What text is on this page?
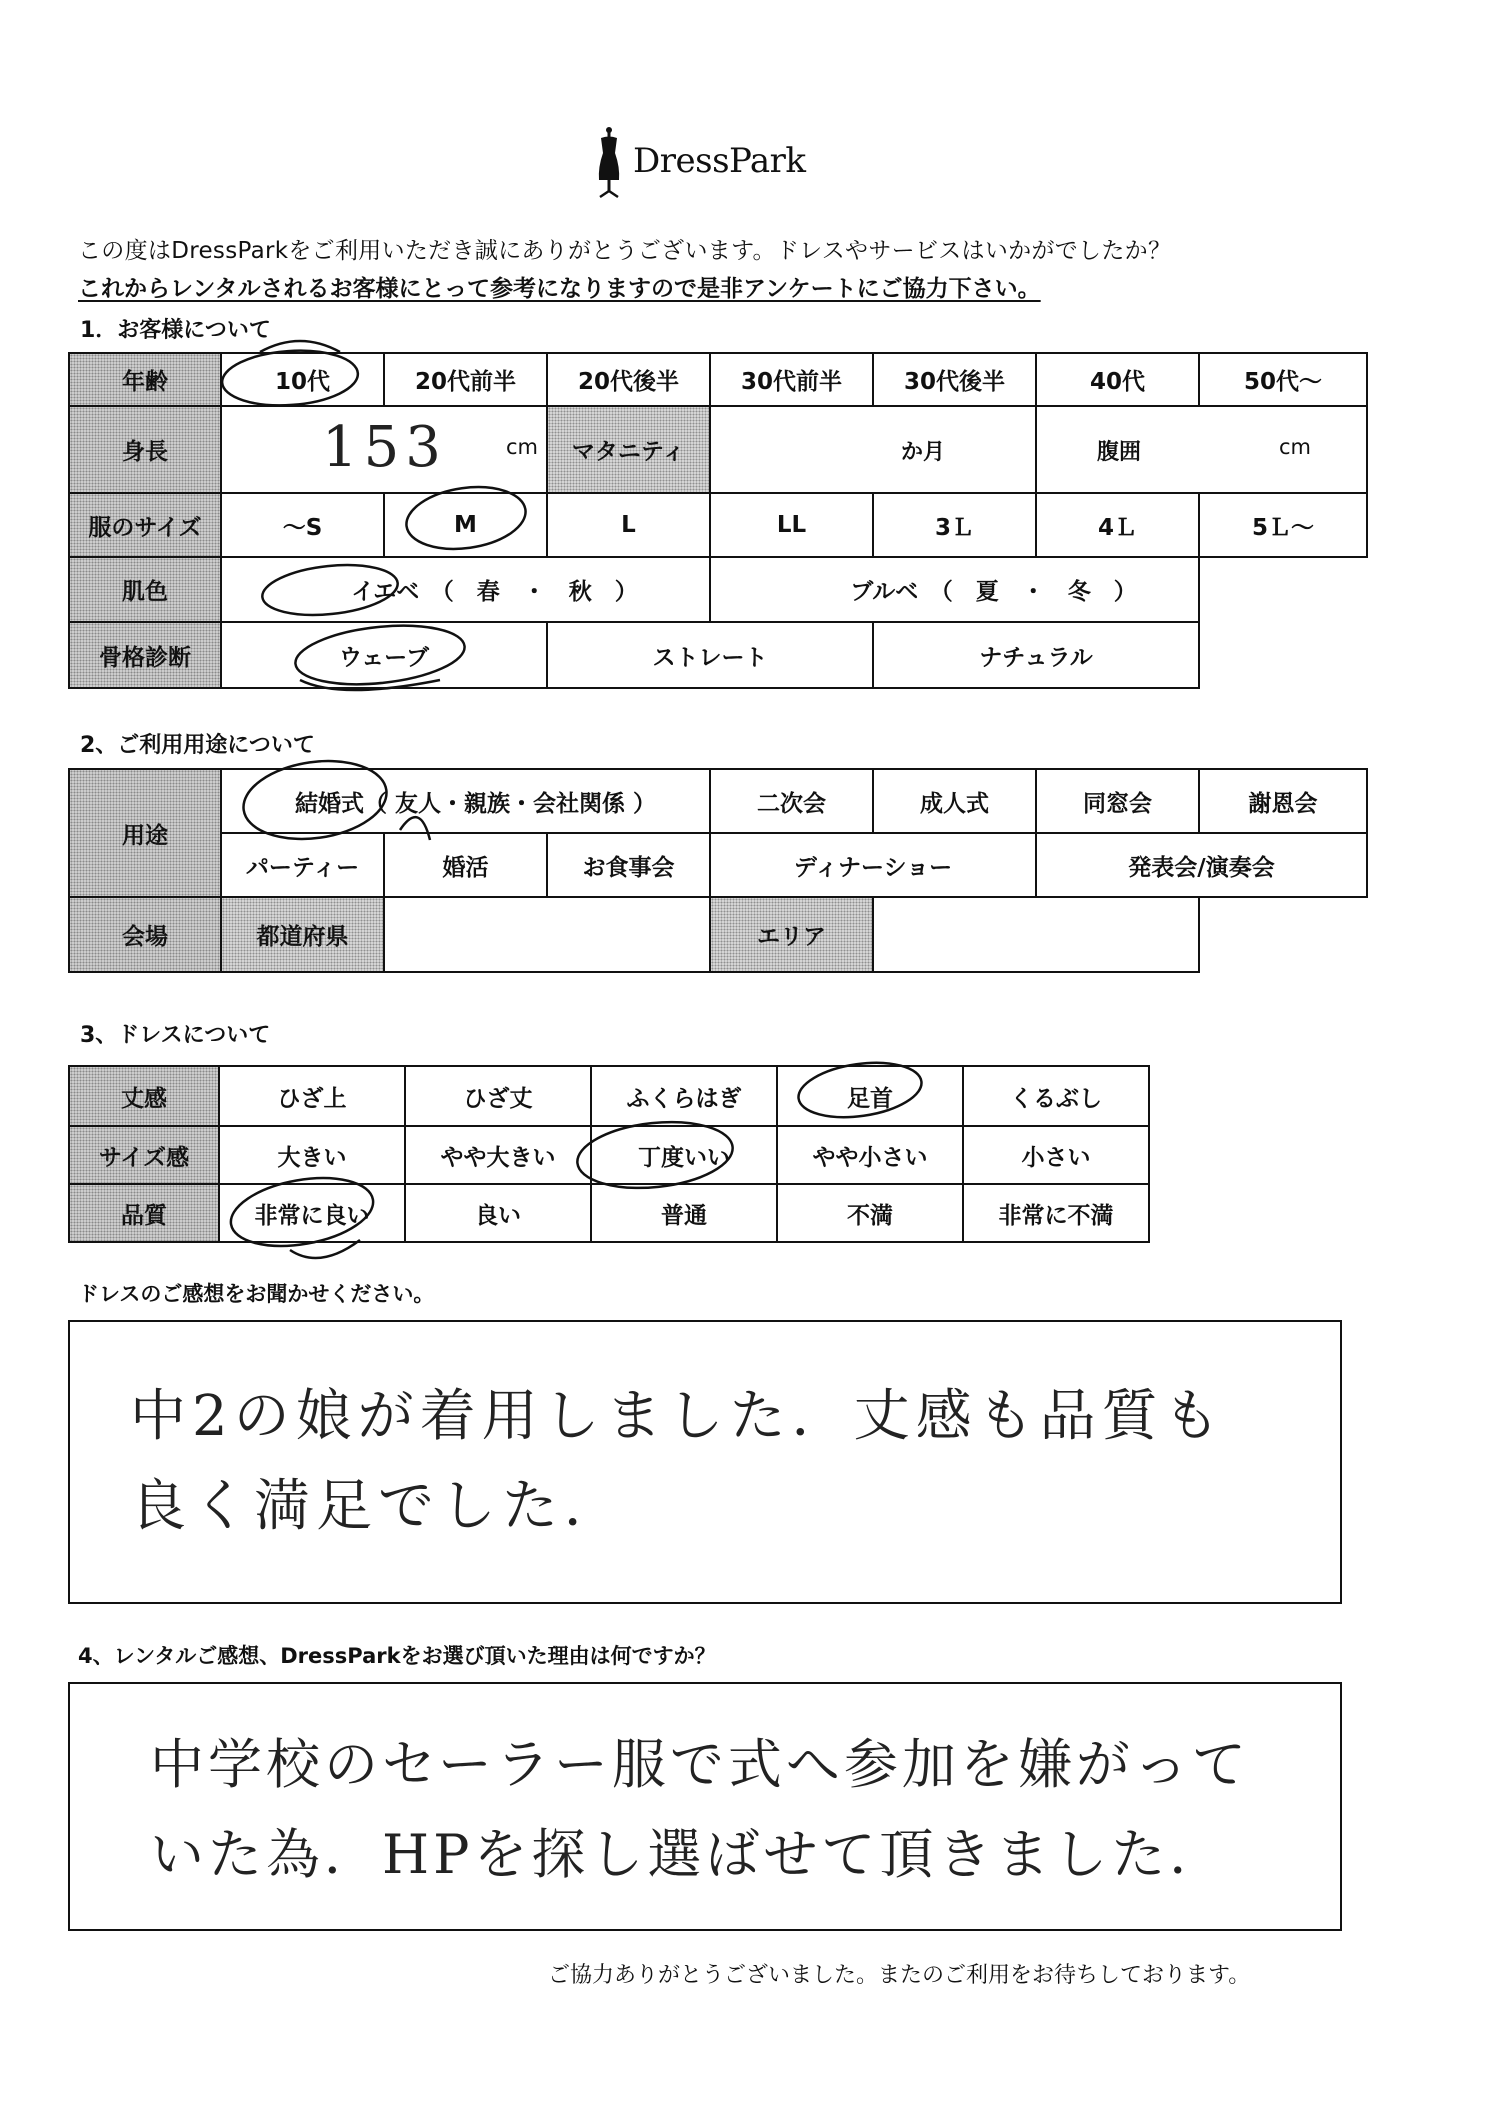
DressPark
この度はDressParkをご利用いただき誠にありがとうございます。ドレスやサービスはいかがでしたか？
これからレンタルされるお客様にとって参考になりますので是非アンケートにご協力下さい。
1．お客様について
年齢	10代	20代前半	20代後半	30代前半	30代後半	40代	50代～
身長	153 cm		マタニティ	か月		腹囲 cm	

服のサイズ	～S	M	L	LL	3Ｌ	4Ｌ	5Ｌ～
肌色	イエベ　（　春　・　秋　）			ブルベ　（　夏　・　冬　）			
骨格診断	ウェーブ		ストレート		ナチュラル		
2、ご利用用途について
用途	結婚式（ 友人・親族・会社関係 ）			二次会	成人式	同窓会	謝恩会
	パーティー	婚活	お食事会	ディナーショー		発表会/演奏会	
会場	都道府県			エリア			
3、ドレスについて
丈感	ひざ上	ひざ丈	ふくらはぎ	足首	くるぶし
サイズ感	大きい	やや大きい	丁度いい	やや小さい	小さい
品質	非常に良い	良い	普通	不満	非常に不満
ドレスのご感想をお聞かせください。
中2の娘が着用しました．丈感も品質も
良く満足でした．
4、レンタルご感想、DressParkをお選び頂いた理由は何ですか？
中学校のセーラー服で式へ参加を嫌がって
いた為．HPを探し選ばせて頂きました．
ご協力ありがとうございました。またのご利用をお待ちしております。
